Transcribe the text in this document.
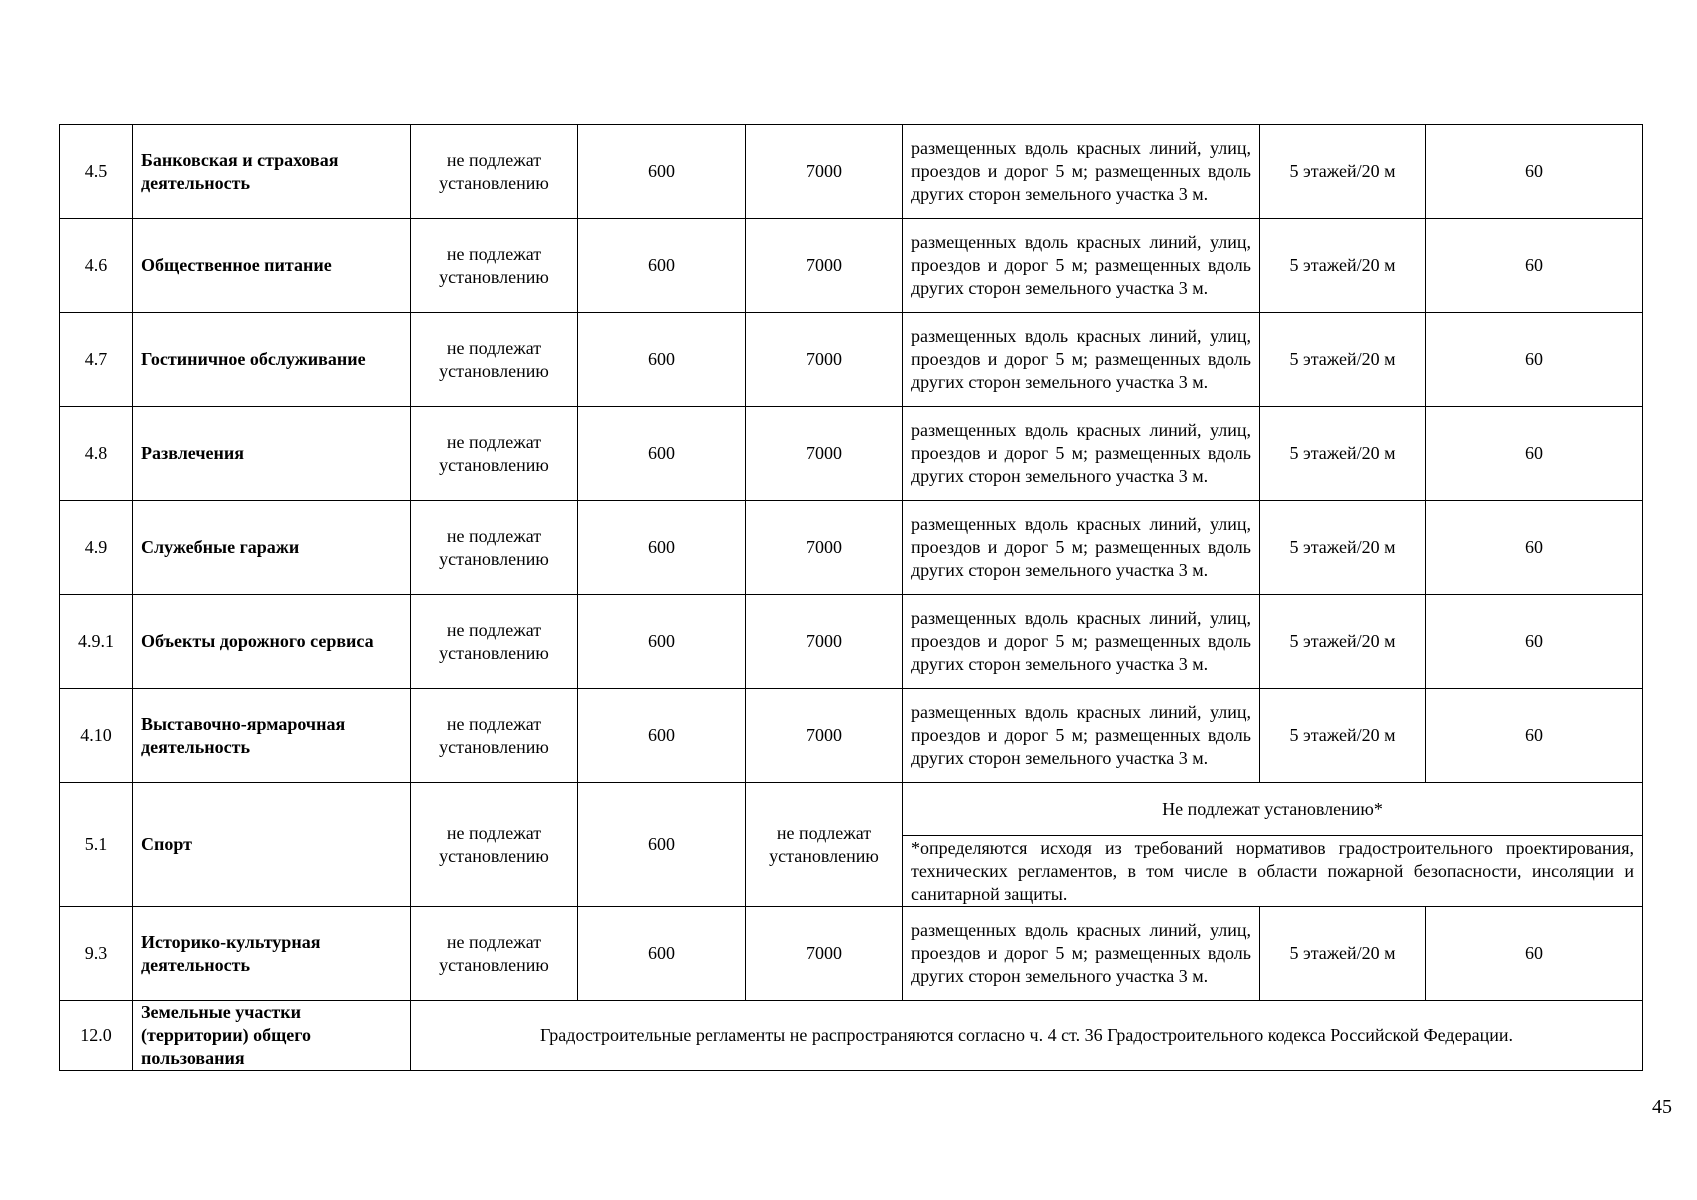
4.5	Банковская и страховая деятельность	не подлежат установлению	600	7000	размещенных вдоль красных линий, улиц, проездов и дорог 5 м; размещенных вдоль других сторон земельного участка 3 м.	5 этажей/20 м	60
4.6	Общественное питание	не подлежат установлению	600	7000	размещенных вдоль красных линий, улиц, проездов и дорог 5 м; размещенных вдоль других сторон земельного участка 3 м.	5 этажей/20 м	60
4.7	Гостиничное обслуживание	не подлежат установлению	600	7000	размещенных вдоль красных линий, улиц, проездов и дорог 5 м; размещенных вдоль других сторон земельного участка 3 м.	5 этажей/20 м	60
4.8	Развлечения	не подлежат установлению	600	7000	размещенных вдоль красных линий, улиц, проездов и дорог 5 м; размещенных вдоль других сторон земельного участка 3 м.	5 этажей/20 м	60
4.9	Служебные гаражи	не подлежат установлению	600	7000	размещенных вдоль красных линий, улиц, проездов и дорог 5 м; размещенных вдоль других сторон земельного участка 3 м.	5 этажей/20 м	60
4.9.1	Объекты дорожного сервиса	не подлежат установлению	600	7000	размещенных вдоль красных линий, улиц, проездов и дорог 5 м; размещенных вдоль других сторон земельного участка 3 м.	5 этажей/20 м	60
4.10	Выставочно-ярмарочная деятельность	не подлежат установлению	600	7000	размещенных вдоль красных линий, улиц, проездов и дорог 5 м; размещенных вдоль других сторон земельного участка 3 м.	5 этажей/20 м	60
5.1	Спорт	не подлежат установлению	600	не подлежат установлению	Не подлежат установлению*		
					*определяются исходя из требований нормативов градостроительного проектирования, технических регламентов, в том числе в области пожарной безопасности, инсоляции и санитарной защиты.		
9.3	Историко-культурная деятельность	не подлежат установлению	600	7000	размещенных вдоль красных линий, улиц, проездов и дорог 5 м; размещенных вдоль других сторон земельного участка 3 м.	5 этажей/20 м	60
12.0	Земельные участки (территории) общего пользования	Градостроительные регламенты не распространяются согласно ч. 4 ст. 36 Градостроительного кодекса Российской Федерации.					
45
